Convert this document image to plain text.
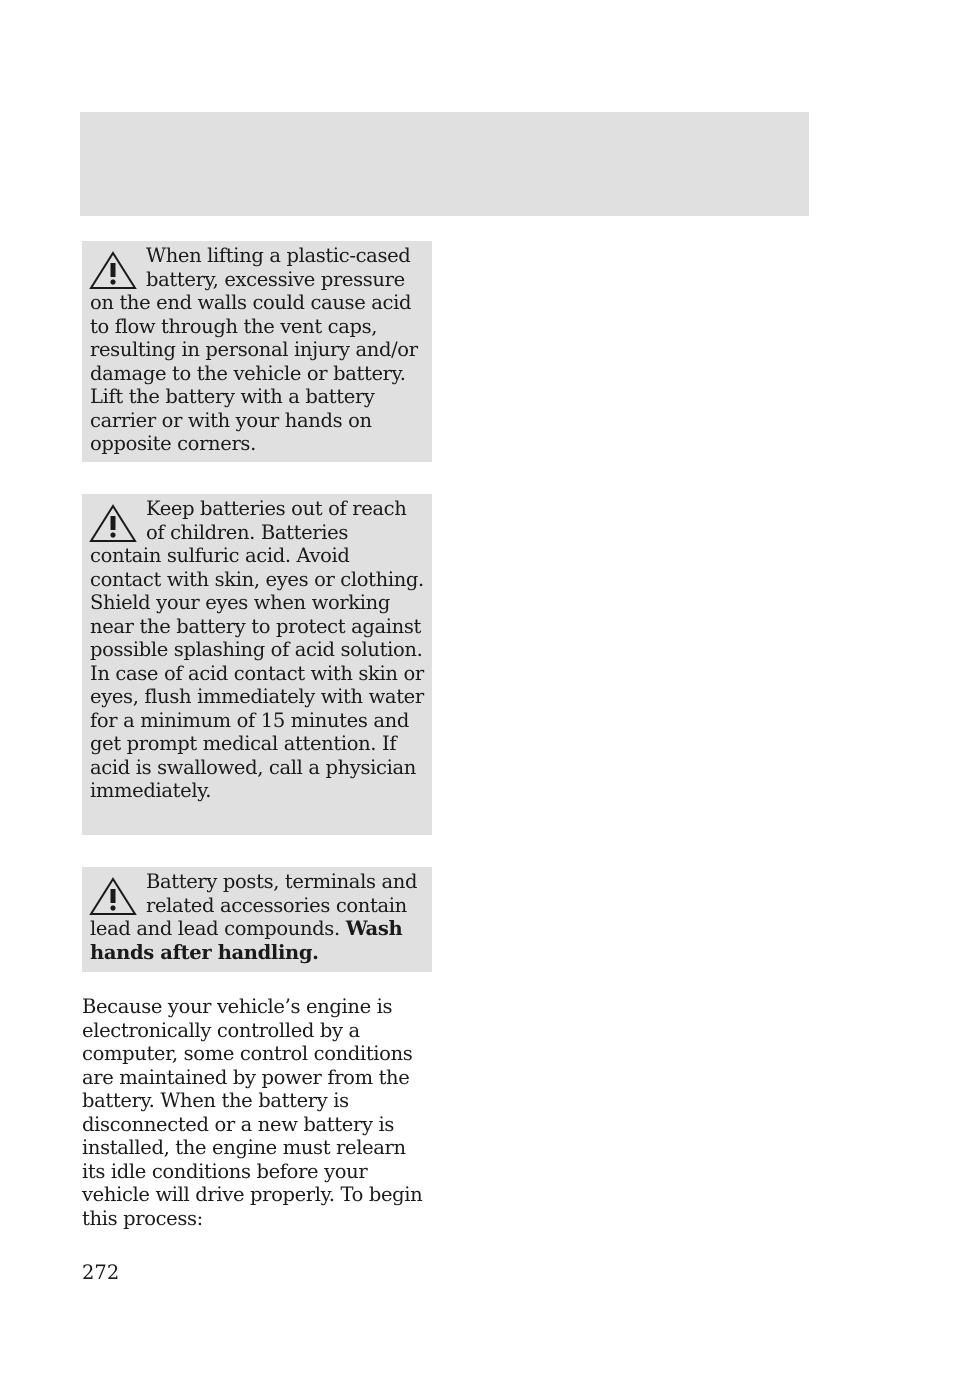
When lifting a plastic-cased battery, excessive pressure on the end walls could cause acid to flow through the vent caps, resulting in personal injury and/or damage to the vehicle or battery. Lift the battery with a battery carrier or with your hands on opposite corners.

Keep batteries out of reach of children. Batteries contain sulfuric acid. Avoid contact with skin, eyes or clothing. Shield your eyes when working near the battery to protect against possible splashing of acid solution. In case of acid contact with skin or eyes, flush immediately with water for a minimum of 15 minutes and get prompt medical attention. If acid is swallowed, call a physician immediately.

Battery posts, terminals and related accessories contain lead and lead compounds. Wash hands after handling.

Because your vehicle’s engine is electronically controlled by a computer, some control conditions are maintained by power from the battery. When the battery is disconnected or a new battery is installed, the engine must relearn its idle conditions before your vehicle will drive properly. To begin this process:

272
